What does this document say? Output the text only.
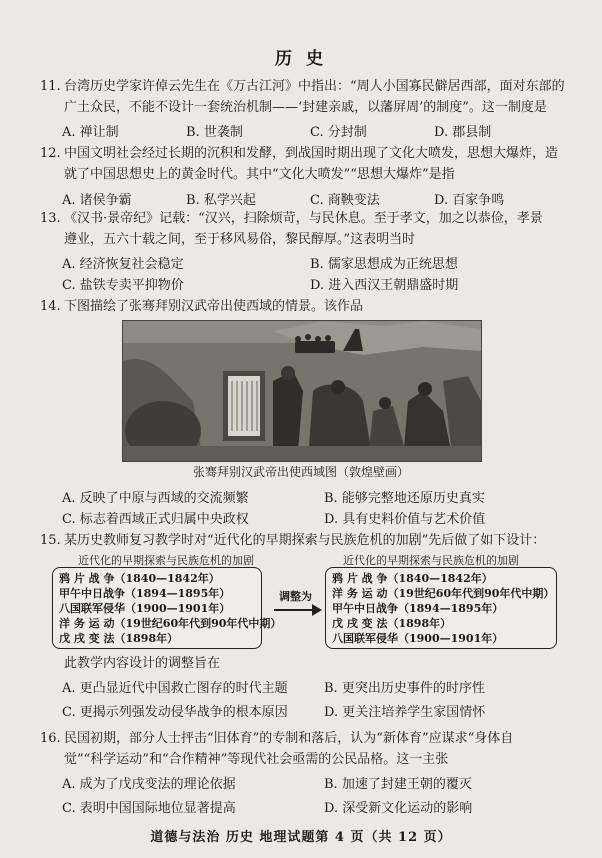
历 史
11. 台湾历史学家许倬云先生在《万古江河》中指出：“周人小国寡民僻居西部，面对东部的
广土众民，不能不设计一套统治机制——‘封建亲戚，以藩屏周’的制度”。这一制度是
A. 禅让制	B. 世袭制	C. 分封制	D. 郡县制
12. 中国文明社会经过长期的沉积和发酵，到战国时期出现了文化大喷发，思想大爆炸，造
就了中国思想史上的黄金时代。其中“文化大喷发”“思想大爆炸”是指
A. 诸侯争霸	B. 私学兴起	C. 商鞅变法	D. 百家争鸣
13. 《汉书·景帝纪》记载：“汉兴，扫除烦苛，与民休息。至于孝文，加之以恭俭，孝景
遵业，五六十载之间，至于移风易俗，黎民醇厚。”这表明当时
A. 经济恢复社会稳定	B. 儒家思想成为正统思想
C. 盐铁专卖平抑物价	D. 进入西汉王朝鼎盛时期
14. 下图描绘了张骞拜别汉武帝出使西域的情景。该作品
张骞拜别汉武帝出使西域图（敦煌壁画）
A. 反映了中原与西域的交流频繁	B. 能够完整地还原历史真实
C. 标志着西域正式归属中央政权	D. 具有史料价值与艺术价值
15. 某历史教师复习教学时对“近代化的早期探索与民族危机的加剧”先后做了如下设计：
近代化的早期探索与民族危机的加剧
鸦 片 战 争（1840—1842年）
甲午中日战争（1894—1895年）
八国联军侵华（1900—1901年）
洋 务 运 动（19世纪60年代到90年代中期）
戊 戌 变 法（1898年）
调整为
近代化的早期探索与民族危机的加剧
鸦 片 战 争（1840—1842年）
洋 务 运 动（19世纪60年代到90年代中期）
甲午中日战争（1894—1895年）
戊 戌 变 法（1898年）
八国联军侵华（1900—1901年）
此教学内容设计的调整旨在
A. 更凸显近代中国救亡图存的时代主题	B. 更突出历史事件的时序性
C. 更揭示列强发动侵华战争的根本原因	D. 更关注培养学生家国情怀
16. 民国初期，部分人士抨击“旧体育”的专制和落后，认为“新体育”应谋求“身体自
觉”“科学运动”和“合作精神”等现代社会亟需的公民品格。这一主张
A. 成为了戊戌变法的理论依据	B. 加速了封建王朝的覆灭
C. 表明中国国际地位显著提高	D. 深受新文化运动的影响
道德与法治 历史 地理试题第 4 页（共 12 页）
